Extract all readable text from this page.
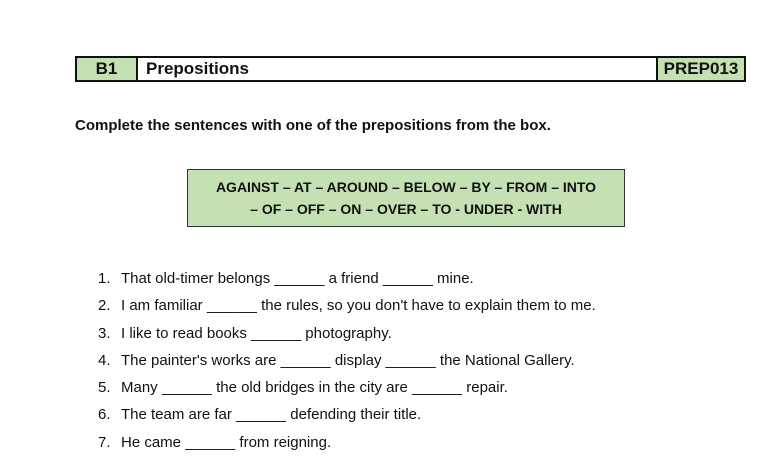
B1	Prepositions	PREP013
Complete the sentences with one of the prepositions from the box.
AGAINST – AT – AROUND – BELOW – BY – FROM – INTO
– OF – OFF – ON – OVER – TO - UNDER - WITH
1. That old-timer belongs ______ a friend ______ mine.
2. I am familiar ______ the rules, so you don't have to explain them to me.
3. I like to read books ______ photography.
4. The painter's works are ______ display ______ the National Gallery.
5. Many ______ the old bridges in the city are ______ repair.
6. The team are far ______ defending their title.
7. He came ______ from reigning.
